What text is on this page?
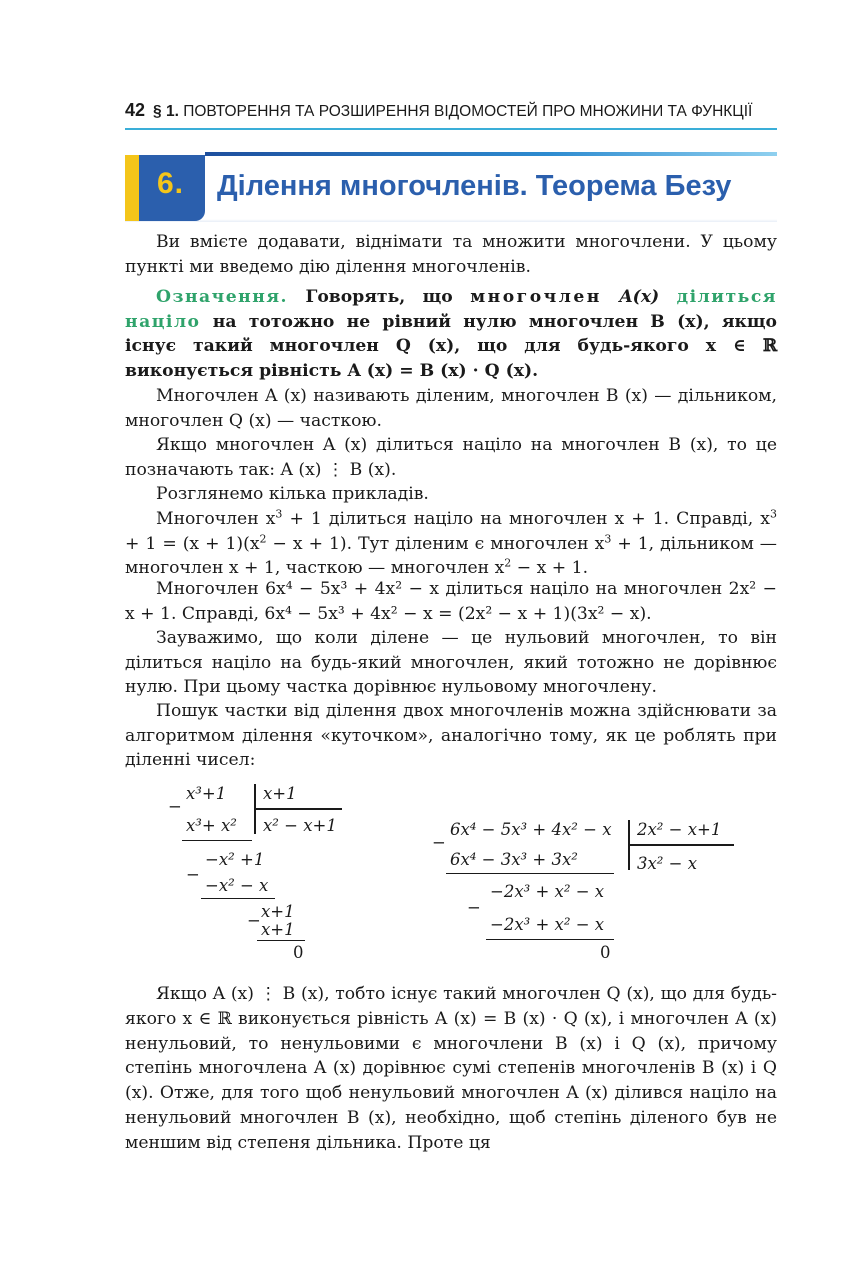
42 § 1. ПОВТОРЕННЯ ТА РОЗШИРЕННЯ ВІДОМОСТЕЙ ПРО МНОЖИНИ ТА ФУНКЦІЇ
6. Ділення многочленів. Теорема Безу

Ви вмієте додавати, віднімати та множити многочлени. У цьому пункті ми введемо дію ділення многочленів.

Означення. Говорять, що многочлен A(x) ділиться націло на тотожно не рівний нулю многочлен B (x), якщо існує такий многочлен Q (x), що для будь-якого x ∈ ℝ виконується рівність A (x) = B (x) · Q (x).

Многочлен A (x) називають діленим, многочлен B (x) — дільником, многочлен Q (x) — часткою.

Якщо многочлен A (x) ділиться націло на многочлен B (x), то це позначають так: A (x) ⋮ B (x).

Розглянемо кілька прикладів.

Многочлен $x^3 + 1$ ділиться націло на многочлен x + 1. Справді, $x^3 + 1 = (x + 1)(x^2 - x + 1)$. Тут діленим є многочлен $x^3 + 1$, дільником — многочлен x + 1, часткою — многочлен $x^2 - x + 1$.

Многочлен 6x⁴ − 5x³ + 4x² − x ділиться націло на многочлен 2x² − x + 1. Справді, 6x⁴ − 5x³ + 4x² − x = (2x² − x + 1)(3x² − x).

Зауважимо, що коли ділене — це нульовий многочлен, то він ділиться націло на будь-який многочлен, який тотожно не дорівнює нулю. При цьому частка дорівнює нульовому многочлену.

Пошук частки від ділення двох многочленів можна здійснювати за алгоритмом ділення «куточком», аналогічно тому, як це роблять при діленні чисел:

−
x³+1 x+1
x³+ x² x² − x+1
−
−x² +1
−x² − x
− x+1
x+1
0
−
6x⁴ − 5x³ + 4x² − x 2x² − x+1
6x⁴ − 3x³ + 3x²	3x² − x
−
−2x³ + x² − x
−2x³ + x² − x
0

Якщо A (x) ⋮ B (x), тобто існує такий многочлен Q (x), що для будь-якого x ∈ ℝ виконується рівність A (x) = B (x) · Q (x), і многочлен A (x) ненульовий, то ненульовими є многочлени B (x) і Q (x), причому степінь многочлена A (x) дорівнює сумі степенів многочленів B (x) і Q (x). Отже, для того щоб ненульовий многочлен A (x) ділився націло на ненульовий многочлен B (x), необхідно, щоб степінь діленого був не меншим від степеня дільника. Проте ця
